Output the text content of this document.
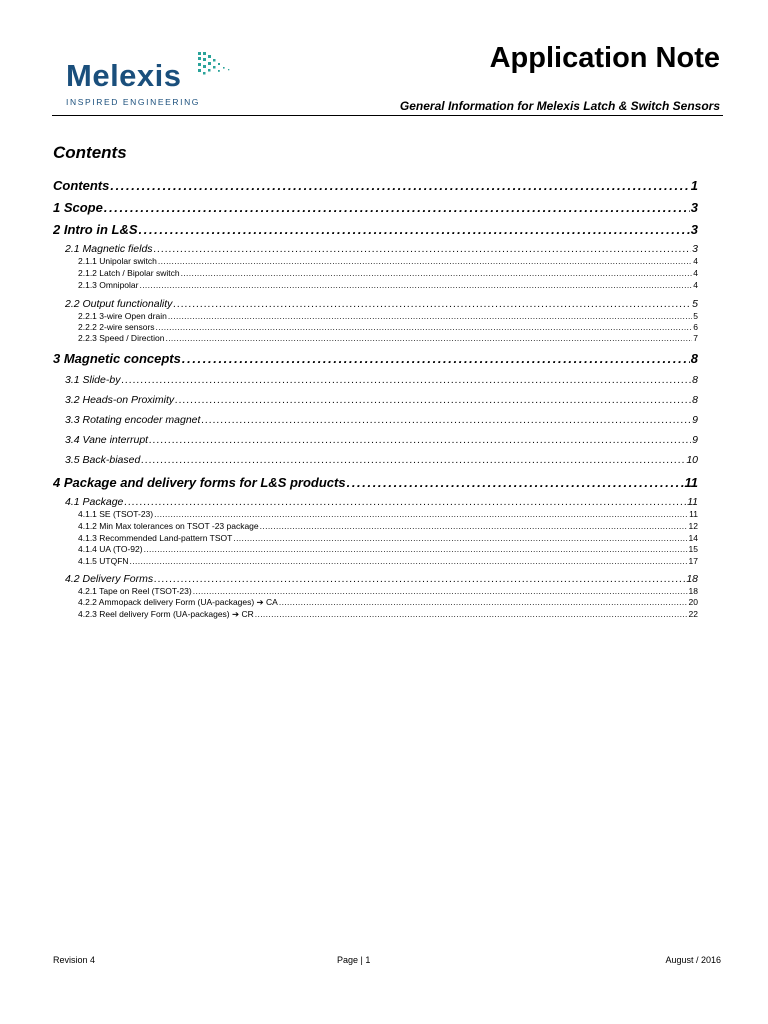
Melexis
INSPIRED ENGINEERING
Application Note
General Information for Melexis Latch & Switch Sensors
Contents
Contents . . .	1
1 Scope . . .	3
2 Intro in L&S . . .	3
2.1 Magnetic fields . . .	3
2.1.1 Unipolar switch . . .	4
2.1.2 Latch / Bipolar switch . . .	4
2.1.3 Omnipolar . . .	4
2.2 Output functionality . . .	5
2.2.1 3-wire Open drain . . .	5
2.2.2 2-wire sensors . . .	6
2.2.3 Speed / Direction . . .	7
3 Magnetic concepts . . .	8
3.1 Slide-by . . .	8
3.2 Heads-on Proximity . . .	8
3.3 Rotating encoder magnet . . .	9
3.4 Vane interrupt . . .	9
3.5 Back-biased . . .	10
4 Package and delivery forms for L&S products . . .	11
4.1 Package . . .	11
4.1.1 SE (TSOT-23) . . .	11
4.1.2 Min Max tolerances on TSOT -23 package . . .	12
4.1.3 Recommended Land-pattern TSOT . . .	14
4.1.4 UA (TO-92) . . .	15
4.1.5 UTQFN . . .	17
4.2 Delivery Forms . . .	18
4.2.1 Tape on Reel (TSOT-23) . . .	18
4.2.2 Ammopack delivery Form (UA-packages) ➔ CA . . .	20
4.2.3 Reel delivery Form (UA-packages) ➔ CR . . .	22
Revision 4	Page | 1	August / 2016
